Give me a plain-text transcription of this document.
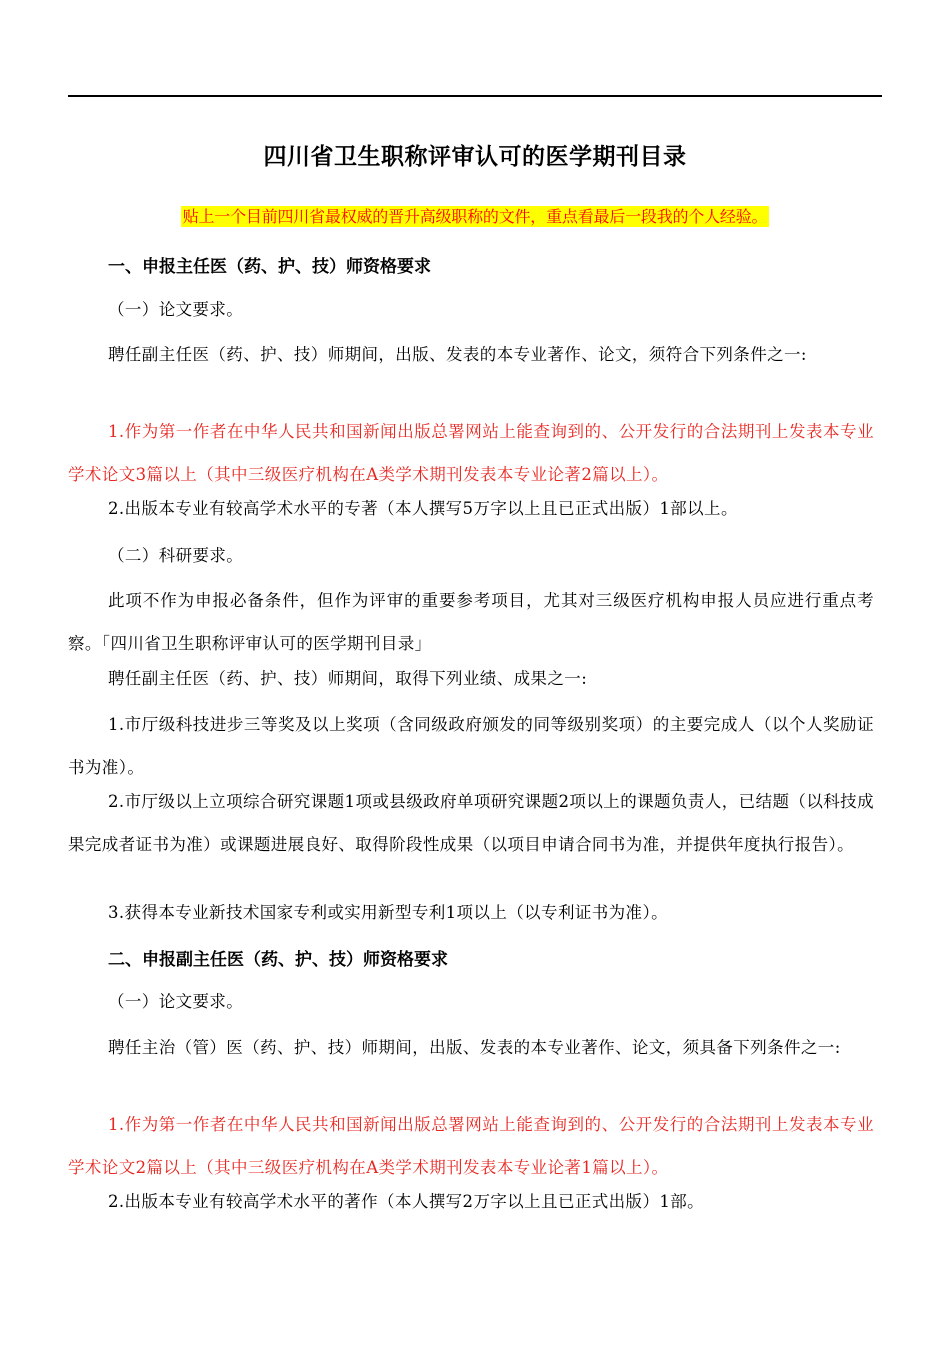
四川省卫生职称评审认可的医学期刊目录
贴上一个目前四川省最权威的晋升高级职称的文件，重点看最后一段我的个人经验。
一、申报主任医（药、护、技）师资格要求
（一）论文要求。
聘任副主任医（药、护、技）师期间，出版、发表的本专业著作、论文，须符合下列条件之一:
1.作为第一作者在中华人民共和国新闻出版总署网站上能查询到的、公开发行的合法期刊上发表本专业学术论文3篇以上（其中三级医疗机构在A类学术期刊发表本专业论著2篇以上）。
2.出版本专业有较高学术水平的专著（本人撰写5万字以上且已正式出版）1部以上。
（二）科研要求。
此项不作为申报必备条件，但作为评审的重要参考项目，尤其对三级医疗机构申报人员应进行重点考察。「四川省卫生职称评审认可的医学期刊目录」
聘任副主任医（药、护、技）师期间，取得下列业绩、成果之一:
1.市厅级科技进步三等奖及以上奖项（含同级政府颁发的同等级别奖项）的主要完成人（以个人奖励证书为准）。
2.市厅级以上立项综合研究课题1项或县级政府单项研究课题2项以上的课题负责人，已结题（以科技成果完成者证书为准）或课题进展良好、取得阶段性成果（以项目申请合同书为准，并提供年度执行报告）。
3.获得本专业新技术国家专利或实用新型专利1项以上（以专利证书为准）。
二、申报副主任医（药、护、技）师资格要求
（一）论文要求。
聘任主治（管）医（药、护、技）师期间，出版、发表的本专业著作、论文，须具备下列条件之一:
1.作为第一作者在中华人民共和国新闻出版总署网站上能查询到的、公开发行的合法期刊上发表本专业学术论文2篇以上（其中三级医疗机构在A类学术期刊发表本专业论著1篇以上）。
2.出版本专业有较高学术水平的著作（本人撰写2万字以上且已正式出版）1部。
